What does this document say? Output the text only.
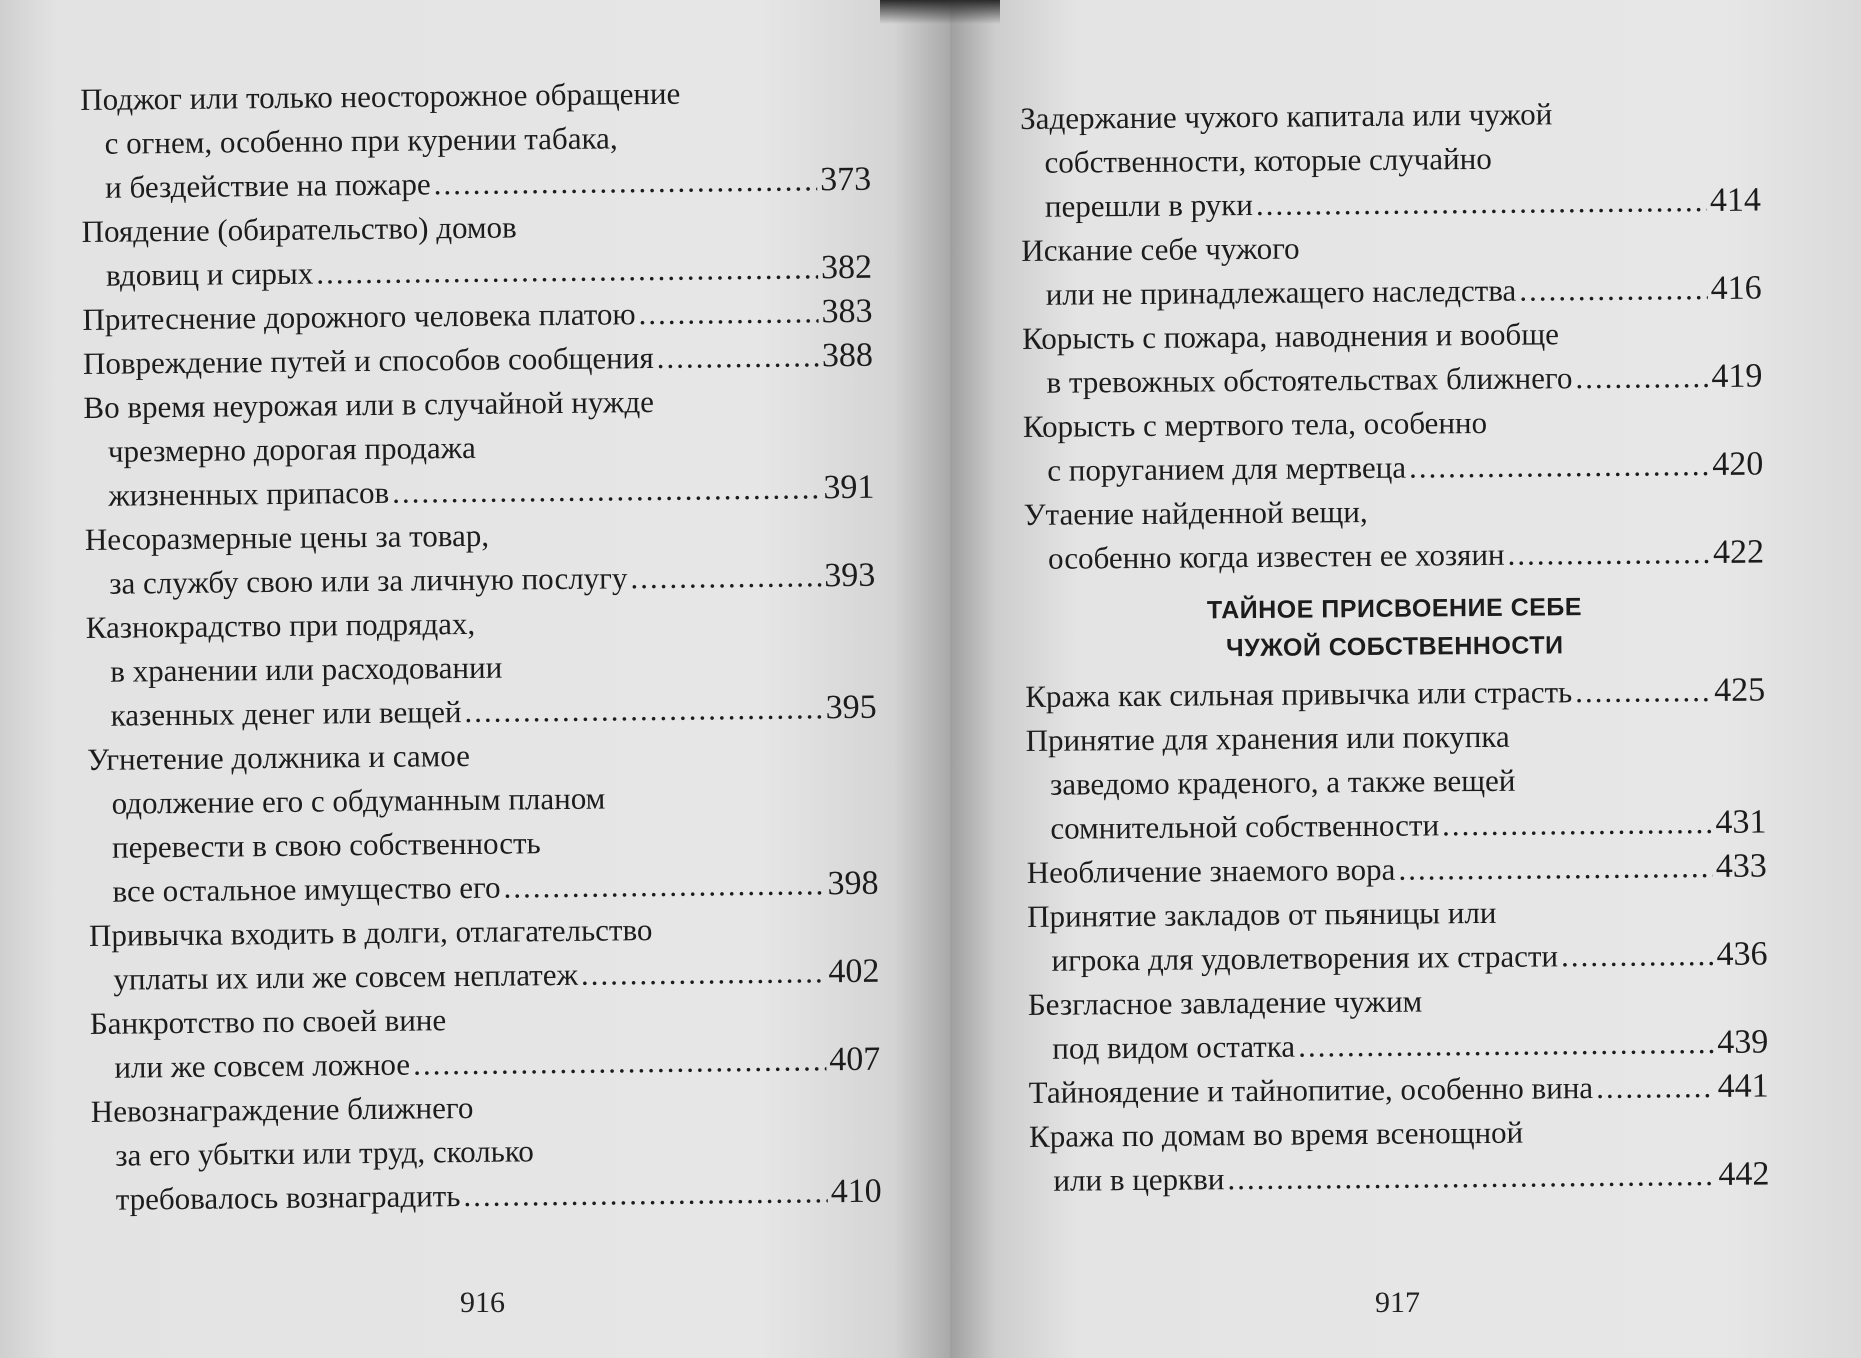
Поджог или только неосторожное обращение
с огнем, особенно при курении табака,
и бездействие на пожаре .....	373
Поядение (обирательство) домов
вдовиц и сирых .....	382
Притеснение дорожного человека платою .....	383
Повреждение путей и способов сообщения .....	388
Во время неурожая или в случайной нужде
чрезмерно дорогая продажа
жизненных припасов .....	391
Несоразмерные цены за товар,
за службу свою или за личную послугу .....	393
Казнокрадство при подрядах,
в хранении или расходовании
казенных денег или вещей .....	395
Угнетение должника и самое
одолжение его с обдуманным планом
перевести в свою собственность
все остальное имущество его .....	398
Привычка входить в долги, отлагательство
уплаты их или же совсем неплатеж .....	402
Банкротство по своей вине
или же совсем ложное .....	407
Невознаграждение ближнего
за его убытки или труд, сколько
требовалось вознаградить .....	410
916
Задержание чужого капитала или чужой
собственности, которые случайно
перешли в руки .....	414
Искание себе чужого
или не принадлежащего наследства .....	416
Корысть с пожара, наводнения и вообще
в тревожных обстоятельствах ближнего .....	419
Корысть с мертвого тела, особенно
с поруганием для мертвеца .....	420
Утаение найденной вещи,
особенно когда известен ее хозяин .....	422
ТАЙНОЕ ПРИСВОЕНИЕ СЕБЕ
ЧУЖОЙ СОБСТВЕННОСТИ
Кража как сильная привычка или страсть .....	425
Принятие для хранения или покупка
заведомо краденого, а также вещей
сомнительной собственности .....	431
Необличение знаемого вора .....	433
Принятие закладов от пьяницы или
игрока для удовлетворения их страсти .....	436
Безгласное завладение чужим
под видом остатка .....	439
Тайноядение и тайнопитие, особенно вина .....	441
Кража по домам во время всенощной
или в церкви .....	442
917
